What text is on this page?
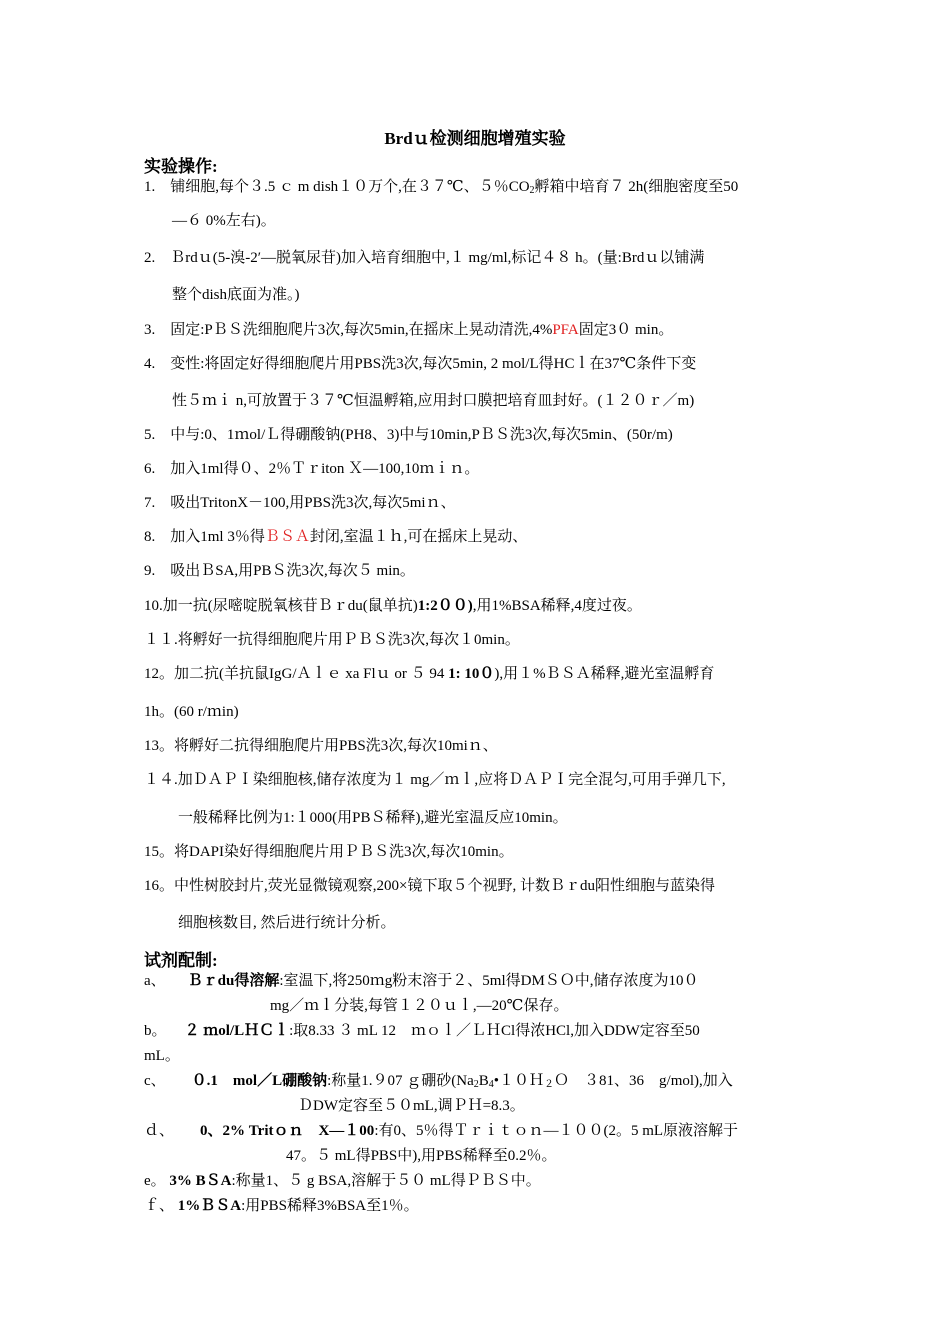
Brdｕ检测细胞增殖实验
实验操作:
1.　铺细胞,每个３.5 ｃ m dish１０万个,在３７℃、５％$CO_2$孵箱中培育７ 2h(细胞密度至50
—６ 0%左右)。
2.　Ｂrdｕ(5-溴-2′—脱氧尿苷)加入培育细胞中,１ mg/ml,标记４８ h。(量:Brdｕ以铺满
整个dish底面为准。)
3.　固定:PＢＳ洗细胞爬片3次,每次5min,在摇床上晃动清洗,4%PFA固定3０ min。
4.　变性:将固定好得细胞爬片用PBS洗3次,每次5min, 2 mol/L得HCｌ在37℃条件下变
性５ｍｉ n,可放置于３７℃恒温孵箱,应用封口膜把培育皿封好。(１２０ｒ／m)
5.　中与:0、1ｍol/Ｌ得硼酸钠(PH8、3)中与10min,PＢＳ洗3次,每次5min、(50r/m)
6.　加入1ml得０、2％Ｔｒiton Ｘ—100,10ｍｉｎ。
7.　吸出TritonX－100,用PBS洗3次,每次5miｎ、
8.　加入1ml 3％得ＢＳＡ封闭,室温１ｈ,可在摇床上晃动、
9.　吸出ＢSA,用PBＳ洗3次,每次５ min。
10.加一抗(尿嘧啶脱氧核苷Ｂｒdu(鼠单抗)1:2００),用1%BSA稀释,4度过夜。
１１.将孵好一抗得细胞爬片用ＰＢＳ洗3次,每次１0min。
12。加二抗(羊抗鼠IgG/Ａｌｅ xa Flｕ or ５ 94 1: 10０),用１%ＢＳＡ稀释,避光室温孵育
1h。(60 r/ｍin)
13。将孵好二抗得细胞爬片用PBS洗3次,每次10miｎ、
１４.加ＤＡＰＩ染细胞核,储存浓度为１ mg／ｍｌ,应将ＤＡＰＩ完全混匀,可用手弹几下,
一般稀释比例为1:１000(用PBＳ稀释),避光室温反应10min。
15。将DAPI染好得细胞爬片用ＰＢＳ洗3次,每次10min。
16。中性树胶封片,荧光显微镜观察,200×镜下取５个视野, 计数Ｂｒdu阳性细胞与蓝染得
细胞核数目, 然后进行统计分析。
试剂配制:
a、 Ｂｒdu得溶解:室温下,将250ｍg粉末溶于２、5ml得DMＳＯ中,储存浓度为10０
mg／ｍｌ分装,每管１２０ｕｌ,—20℃保存。
b。 ２ ｍol/LＨＣｌ:取8.33 ３ mL 12　ｍｏｌ／ＬＨCl得浓HCl,加入DDW定容至50
mL。
c、 ０.1　mol／L硼酸钠:称量1.９07 ｇ硼砂($Na_2B_4•10H_2O$　３81、36　g/mol),加入
ＤDW定容至５０mL,调ＰＨ=8.3。
ｄ、 0、2% Tritｏｎ　X—１00:有0、5％得Ｔｒｉｔｏｎ—１００(2。5 mL原液溶解于
47。５ mL得PBS中),用PBS稀释至0.2％。
e。 3% BＳA:称量1、５ g BSA,溶解于５０ mL得ＰＢＳ中。
ｆ、 1%ＢＳA:用PBS稀释3%BSA至1％。
